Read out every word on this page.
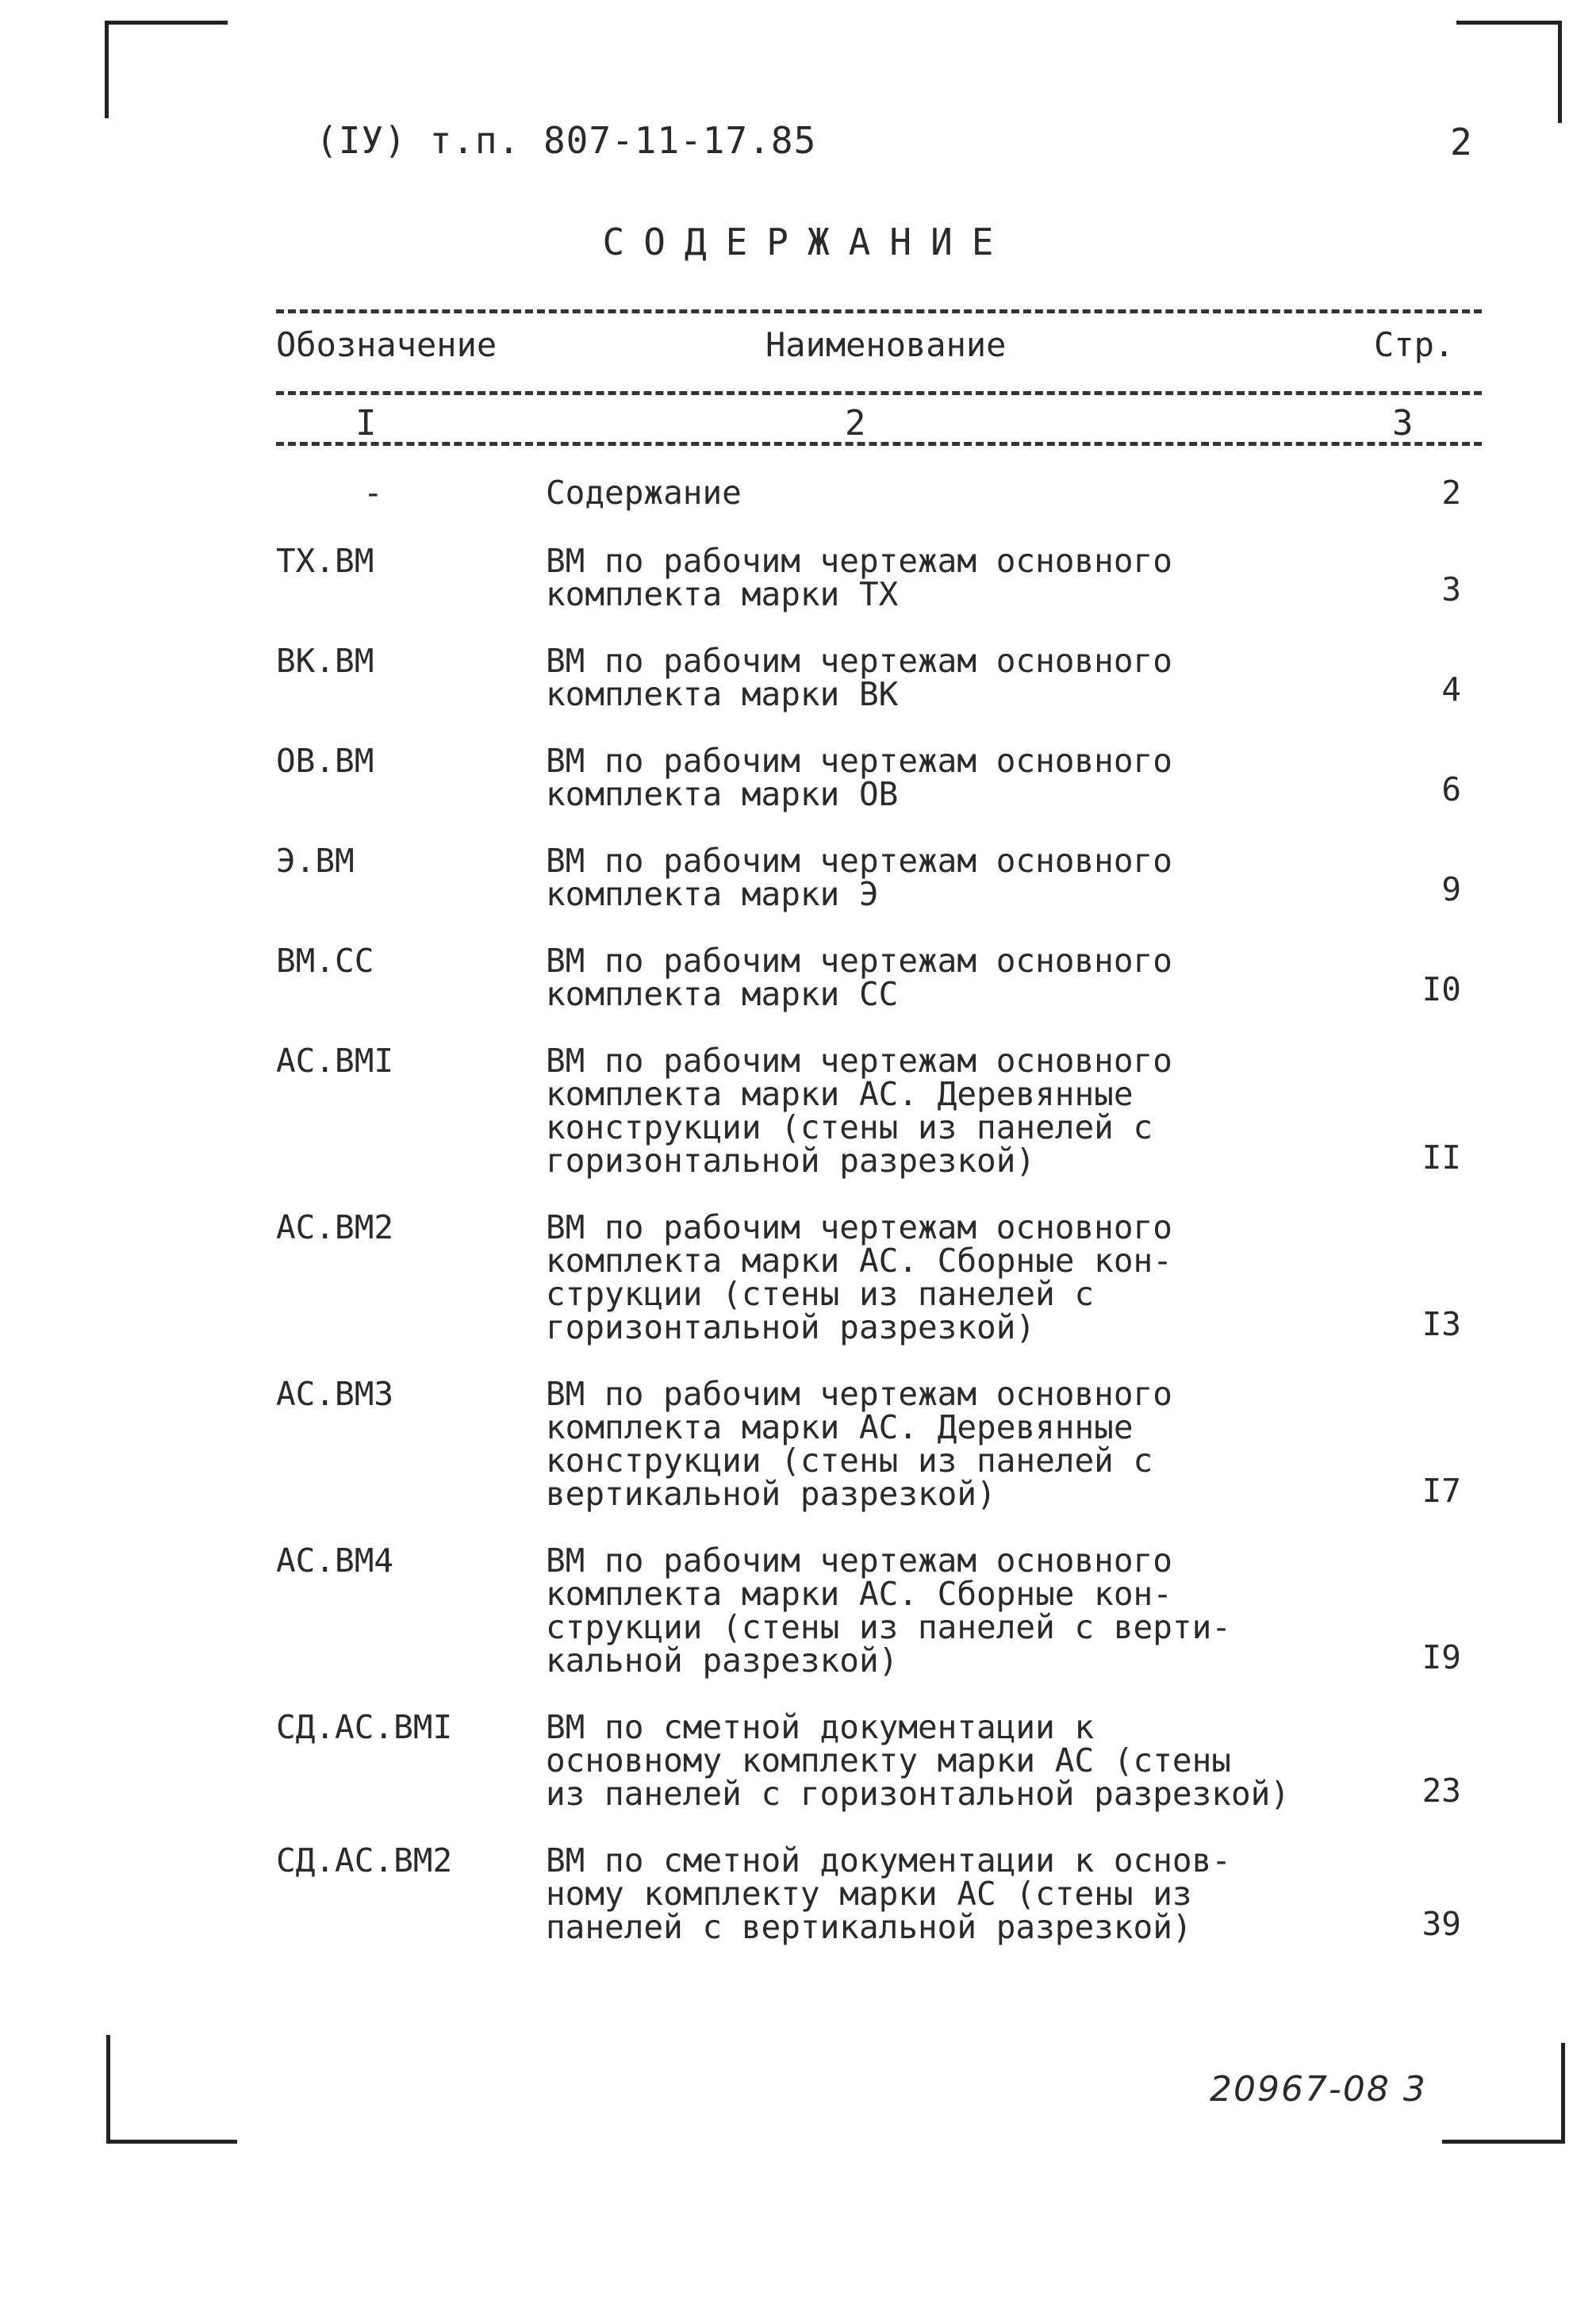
(IУ) т.п. 807-11-17.85	2
СОДЕРЖАНИЕ
Обозначение	Наименование	Стр.
I	2	3
-	Содержание	2
ТХ.ВМ	ВМ по рабочим чертежам основного
комплекта марки ТХ	3
ВК.ВМ	ВМ по рабочим чертежам основного
комплекта марки ВК	4
ОВ.ВМ	ВМ по рабочим чертежам основного
комплекта марки ОВ	6
Э.ВМ	ВМ по рабочим чертежам основного
комплекта марки Э	9
ВМ.СС	ВМ по рабочим чертежам основного
комплекта марки СС	I0
АС.ВМI	ВМ по рабочим чертежам основного
комплекта марки АС. Деревянные
конструкции (стены из панелей с
горизонтальной разрезкой)	II
АС.ВМ2	ВМ по рабочим чертежам основного
комплекта марки АС. Сборные кон-
струкции (стены из панелей с
горизонтальной разрезкой)	I3
АС.ВМ3	ВМ по рабочим чертежам основного
комплекта марки АС. Деревянные
конструкции (стены из панелей с
вертикальной разрезкой)	I7
АС.ВМ4	ВМ по рабочим чертежам основного
комплекта марки АС. Сборные кон-
струкции (стены из панелей с верти-
кальной разрезкой)	I9
СД.АС.ВМI	ВМ по сметной документации к
основному комплекту марки АС (стены
из панелей с горизонтальной разрезкой)	23
СД.АС.ВМ2	ВМ по сметной документации к основ-
ному комплекту марки АС (стены из
панелей с вертикальной разрезкой)	39
20967-08 3
